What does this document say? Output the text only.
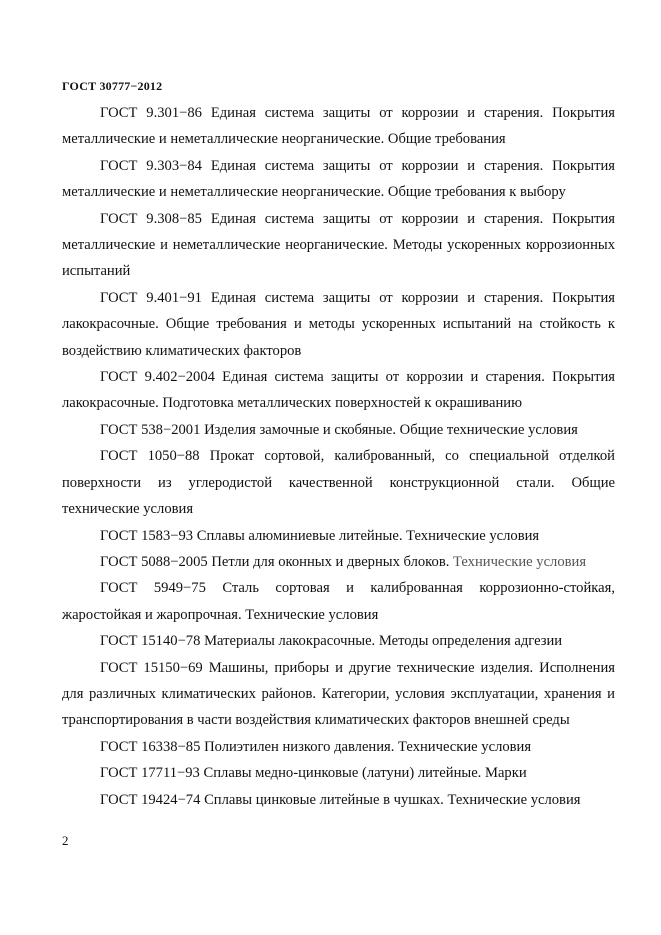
ГОСТ 30777−2012

ГОСТ 9.301−86 Единая система защиты от коррозии и старения. Покрытия металлические и неметаллические неорганические. Общие требования

ГОСТ 9.303−84 Единая система защиты от коррозии и старения. Покрытия металлические и неметаллические неорганические. Общие требования к выбору

ГОСТ 9.308−85 Единая система защиты от коррозии и старения. Покрытия металлические и неметаллические неорганические. Методы ускоренных коррозионных испытаний

ГОСТ 9.401−91 Единая система защиты от коррозии и старения. Покрытия лакокрасочные. Общие требования и методы ускоренных испытаний на стойкость к воздействию климатических факторов

ГОСТ 9.402−2004 Единая система защиты от коррозии и старения. Покрытия лакокрасочные. Подготовка металлических поверхностей к окрашиванию

ГОСТ 538−2001 Изделия замочные и скобяные. Общие технические условия

ГОСТ 1050−88 Прокат сортовой, калиброванный, со специальной отделкой поверхности из углеродистой качественной конструкционной стали. Общие технические условия

ГОСТ 1583−93 Сплавы алюминиевые литейные. Технические условия

ГОСТ 5088−2005 Петли для оконных и дверных блоков. Технические условия

ГОСТ 5949−75 Сталь сортовая и калиброванная коррозионно-стойкая, жаростойкая и жаропрочная. Технические условия

ГОСТ 15140−78 Материалы лакокрасочные. Методы определения адгезии

ГОСТ 15150−69 Машины, приборы и другие технические изделия. Исполнения для различных климатических районов. Категории, условия эксплуатации, хранения и транспортирования в части воздействия климатических факторов внешней среды

ГОСТ 16338−85 Полиэтилен низкого давления. Технические условия

ГОСТ 17711−93 Сплавы медно-цинковые (латуни) литейные. Марки

ГОСТ 19424−74 Сплавы цинковые литейные в чушках. Технические условия

2
